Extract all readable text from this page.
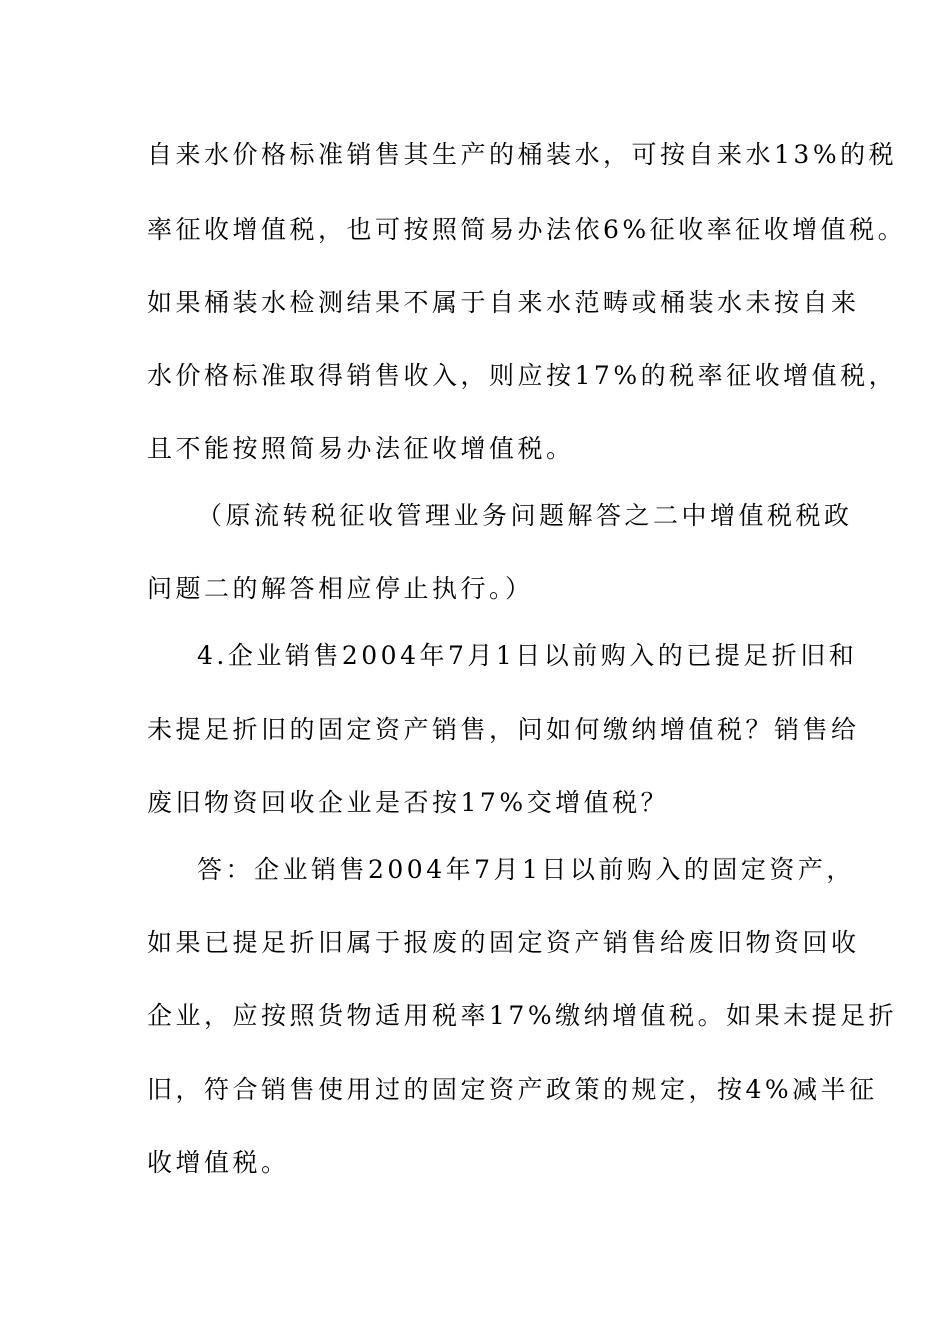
自来水价格标准销售其生产的桶装水，可按自来水13%的税
率征收增值税，也可按照简易办法依6%征收率征收增值税。
如果桶装水检测结果不属于自来水范畴或桶装水未按自来
水价格标准取得销售收入，则应按17%的税率征收增值税，
且不能按照简易办法征收增值税。
（原流转税征收管理业务问题解答之二中增值税税政
问题二的解答相应停止执行。）
4.企业销售2004年7月1日以前购入的已提足折旧和
未提足折旧的固定资产销售，问如何缴纳增值税？销售给
废旧物资回收企业是否按17%交增值税？
答：企业销售2004年7月1日以前购入的固定资产，
如果已提足折旧属于报废的固定资产销售给废旧物资回收
企业，应按照货物适用税率17%缴纳增值税。如果未提足折
旧，符合销售使用过的固定资产政策的规定，按4%减半征
收增值税。
